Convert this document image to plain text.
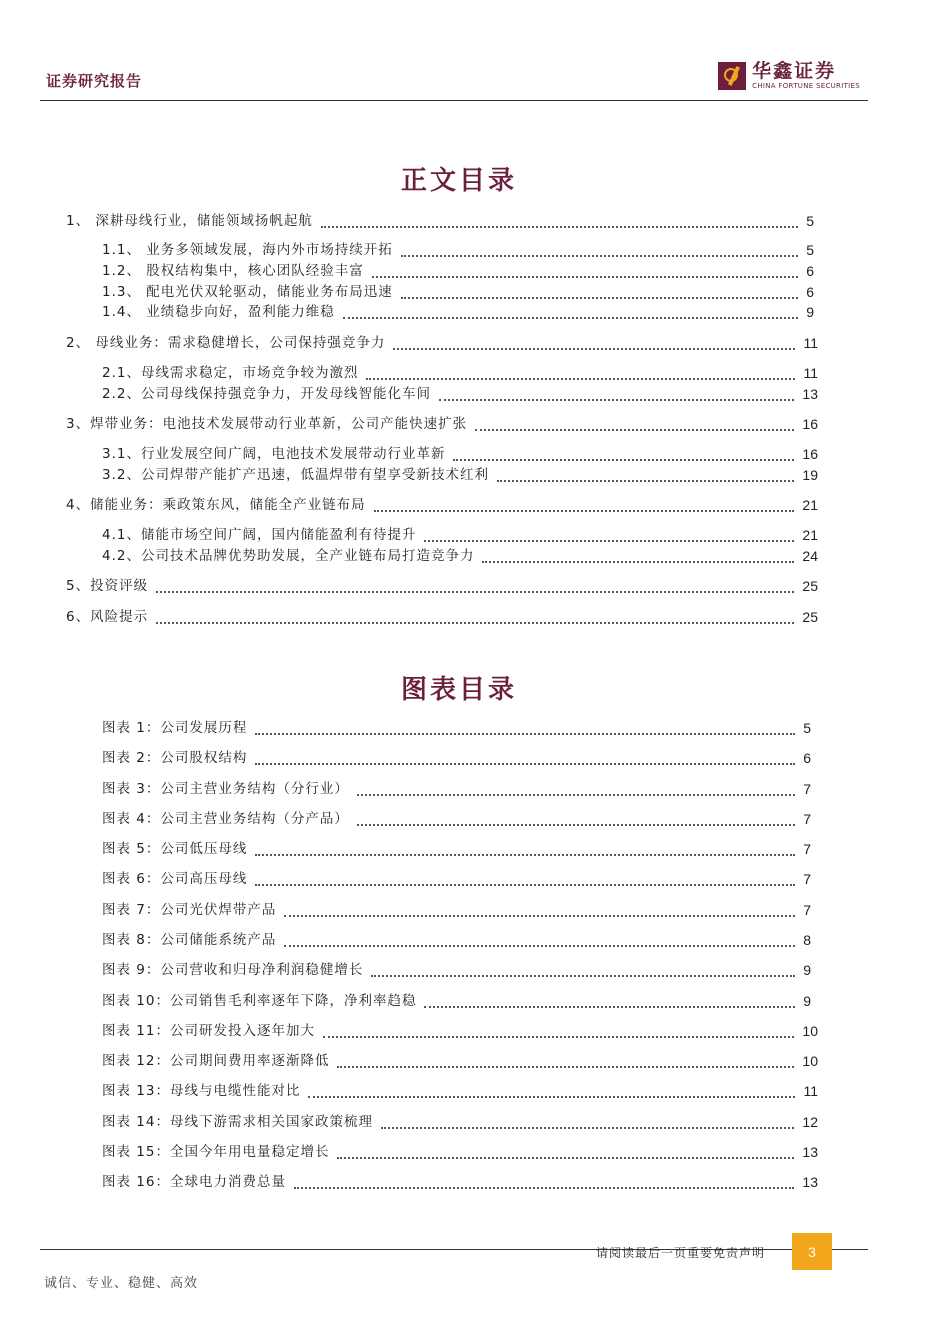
证券研究报告	华鑫证券
CHINA FORTUNE SECURITIES
正文目录
1、 深耕母线行业，储能领域扬帆起航	5
1.1、 业务多领域发展，海内外市场持续开拓	5
1.2、 股权结构集中，核心团队经验丰富	6
1.3、 配电光伏双轮驱动，储能业务布局迅速	6
1.4、 业绩稳步向好，盈利能力维稳	9
2、 母线业务：需求稳健增长，公司保持强竞争力	11
2.1、母线需求稳定，市场竞争较为激烈	11
2.2、公司母线保持强竞争力，开发母线智能化车间	13
3、焊带业务：电池技术发展带动行业革新，公司产能快速扩张	16
3.1、行业发展空间广阔，电池技术发展带动行业革新	16
3.2、公司焊带产能扩产迅速，低温焊带有望享受新技术红利	19
4、储能业务：乘政策东风，储能全产业链布局	21
4.1、储能市场空间广阔，国内储能盈利有待提升	21
4.2、公司技术品牌优势助发展，全产业链布局打造竞争力	24
5、投资评级	25
6、风险提示	25
图表目录
图表 1：公司发展历程	5
图表 2：公司股权结构	6
图表 3：公司主营业务结构（分行业）	7
图表 4：公司主营业务结构（分产品）	7
图表 5：公司低压母线	7
图表 6：公司高压母线	7
图表 7：公司光伏焊带产品	7
图表 8：公司储能系统产品	8
图表 9：公司营收和归母净利润稳健增长	9
图表 10：公司销售毛利率逐年下降，净利率趋稳	9
图表 11：公司研发投入逐年加大	10
图表 12：公司期间费用率逐渐降低	10
图表 13：母线与电缆性能对比	11
图表 14：母线下游需求相关国家政策梳理	12
图表 15：全国今年用电量稳定增长	13
图表 16：全球电力消费总量	13
请阅读最后一页重要免责声明	3
诚信、专业、稳健、高效
